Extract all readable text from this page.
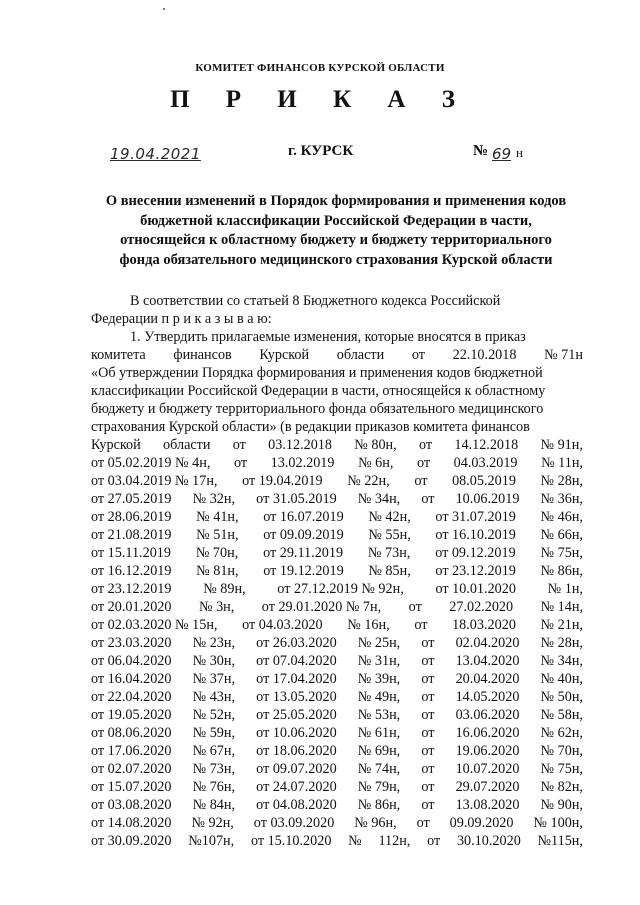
КОМИТЕТ ФИНАНСОВ КУРСКОЙ ОБЛАСТИ
П Р И К А З
19.04.2021	г. КУРСК	№ 69 н
О внесении изменений в Порядок формирования и применения кодов
бюджетной классификации Российской Федерации в части,
относящейся к областному бюджету и бюджету территориального
фонда обязательного медицинского страхования Курской области
В соответствии со статьей 8 Бюджетного кодекса Российской
Федерации п р и к а з ы в а ю:
1. Утвердить прилагаемые изменения, которые вносятся в приказ
комитета финансов Курской области от 22.10.2018 № 71н
«Об утверждении Порядка формирования и применения кодов бюджетной
классификации Российской Федерации в части, относящейся к областному
бюджету и бюджету территориального фонда обязательного медицинского
страхования Курской области» (в редакции приказов комитета финансов
Курской области от 03.12.2018 № 80н, от 14.12.2018 № 91н,
от 05.02.2019 № 4н, от 13.02.2019 № 6н, от 04.03.2019 № 11н,
от 03.04.2019 № 17н, от 19.04.2019 № 22н, от 08.05.2019 № 28н,
от 27.05.2019 № 32н, от 31.05.2019 № 34н, от 10.06.2019 № 36н,
от 28.06.2019 № 41н, от 16.07.2019 № 42н, от 31.07.2019 № 46н,
от 21.08.2019 № 51н, от 09.09.2019 № 55н, от 16.10.2019 № 66н,
от 15.11.2019 № 70н, от 29.11.2019 № 73н, от 09.12.2019 № 75н,
от 16.12.2019 № 81н, от 19.12.2019 № 85н, от 23.12.2019 № 86н,
от 23.12.2019 № 89н, от 27.12.2019 № 92н, от 10.01.2020 № 1н,
от 20.01.2020 № 3н, от 29.01.2020 № 7н, от 27.02.2020 № 14н,
от 02.03.2020 № 15н, от 04.03.2020 № 16н, от 18.03.2020 № 21н,
от 23.03.2020 № 23н, от 26.03.2020 № 25н, от 02.04.2020 № 28н,
от 06.04.2020 № 30н, от 07.04.2020 № 31н, от 13.04.2020 № 34н,
от 16.04.2020 № 37н, от 17.04.2020 № 39н, от 20.04.2020 № 40н,
от 22.04.2020 № 43н, от 13.05.2020 № 49н, от 14.05.2020 № 50н,
от 19.05.2020 № 52н, от 25.05.2020 № 53н, от 03.06.2020 № 58н,
от 08.06.2020 № 59н, от 10.06.2020 № 61н, от 16.06.2020 № 62н,
от 17.06.2020 № 67н, от 18.06.2020 № 69н, от 19.06.2020 № 70н,
от 02.07.2020 № 73н, от 09.07.2020 № 74н, от 10.07.2020 № 75н,
от 15.07.2020 № 76н, от 24.07.2020 № 79н, от 29.07.2020 № 82н,
от 03.08.2020 № 84н, от 04.08.2020 № 86н, от 13.08.2020 № 90н,
от 14.08.2020 № 92н, от 03.09.2020 № 96н, от 09.09.2020 № 100н,
от 30.09.2020 №107н, от 15.10.2020 № 112н, от 30.10.2020 №115н,
